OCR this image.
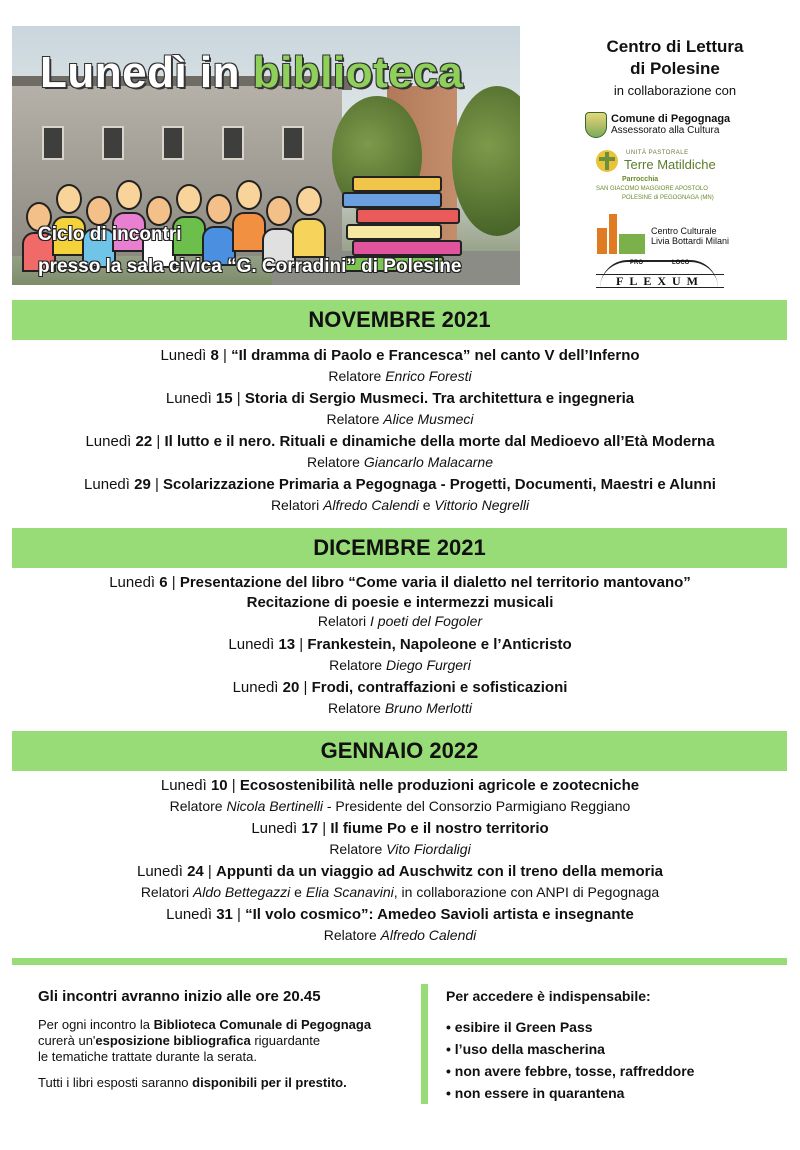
Lunedì in biblioteca
Ciclo di incontri
presso la sala civica “G. Corradini” di Polesine
Centro di Lettura
di Polesine
in collaborazione con
Comune di Pegognaga
Assessorato alla Cultura
UNITÀ PASTORALE
Terre Matildiche
Parrocchia
SAN GIACOMO MAGGIORE APOSTOLO
POLESINE di PEGOGNAGA (MN)
Centro Culturale
Livia Bottardi Milani
PRO	LOCO
FLEXUM
NOVEMBRE 2021
Lunedì 8 | “Il dramma di Paolo e Francesca” nel canto V dell’Inferno
Relatore Enrico Foresti
Lunedì 15 | Storia di Sergio Musmeci. Tra architettura e ingegneria
Relatore Alice Musmeci
Lunedì 22 | Il lutto e il nero. Rituali e dinamiche della morte dal Medioevo all’Età Moderna
Relatore Giancarlo Malacarne
Lunedì 29 | Scolarizzazione Primaria a Pegognaga - Progetti, Documenti, Maestri e Alunni
Relatori Alfredo Calendi e Vittorio Negrelli
DICEMBRE 2021
Lunedì 6 | Presentazione del libro “Come varia il dialetto nel territorio mantovano”
Recitazione di poesie e intermezzi musicali
Relatori I poeti del Fogoler
Lunedì 13 | Frankestein, Napoleone e l’Anticristo
Relatore Diego Furgeri
Lunedì 20 | Frodi, contraffazioni e sofisticazioni
Relatore Bruno Merlotti
GENNAIO 2022
Lunedì 10 | Ecosostenibilità nelle produzioni agricole e zootecniche
Relatore Nicola Bertinelli - Presidente del Consorzio Parmigiano Reggiano
Lunedì 17 | Il fiume Po e il nostro territorio
Relatore Vito Fiordaligi
Lunedì 24 | Appunti da un viaggio ad Auschwitz con il treno della memoria
Relatori Aldo Bettegazzi e Elia Scanavini, in collaborazione con ANPI di Pegognaga
Lunedì 31 | “Il volo cosmico”: Amedeo Savioli artista e insegnante
Relatore Alfredo Calendi
Gli incontri avranno inizio alle ore 20.45

Per ogni incontro la Biblioteca Comunale di Pegognaga
curerà un'esposizione bibliografica riguardante
le tematiche trattate durante la serata.

Tutti i libri esposti saranno disponibili per il prestito.

Per accedere è indispensabile:
• esibire il Green Pass
• l’uso della mascherina
• non avere febbre, tosse, raffreddore
• non essere in quarantena
